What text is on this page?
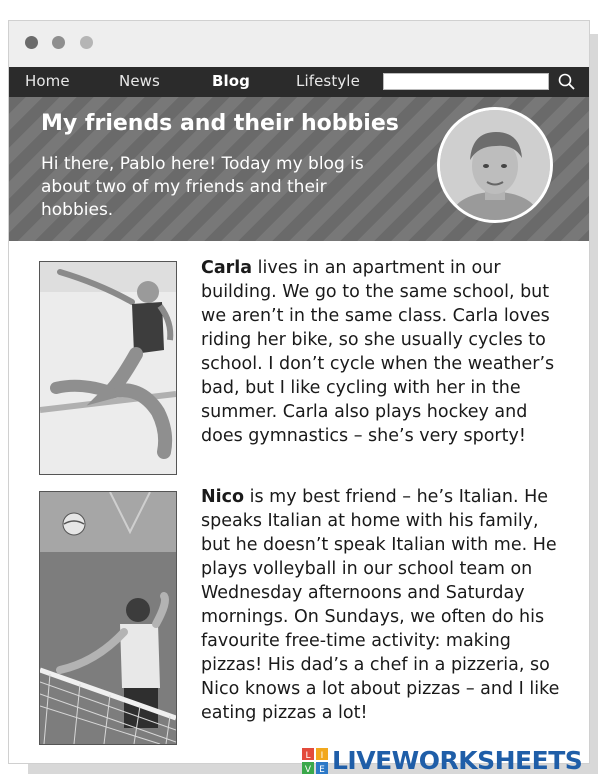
Home	News	Blog	Lifestyle
My friends and their hobbies

Hi there, Pablo here! Today my blog is about two of my friends and their hobbies.

Carla lives in an apartment in our building. We go to the same school, but we aren’t in the same class. Carla loves riding her bike, so she usually cycles to school. I don’t cycle when the weather’s bad, but I like cycling with her in the summer. Carla also plays hockey and does gymnastics – she’s very sporty!

Nico is my best friend – he’s Italian. He speaks Italian at home with his family, but he doesn’t speak Italian with me. He plays volleyball in our school team on Wednesday afternoons and Saturday mornings. On Sundays, we often do his favourite free-time activity: making pizzas! His dad’s a chef in a pizzeria, so Nico knows a lot about pizzas – and I like eating pizzas a lot!

L I
V E LIVEWORKSHEETS
